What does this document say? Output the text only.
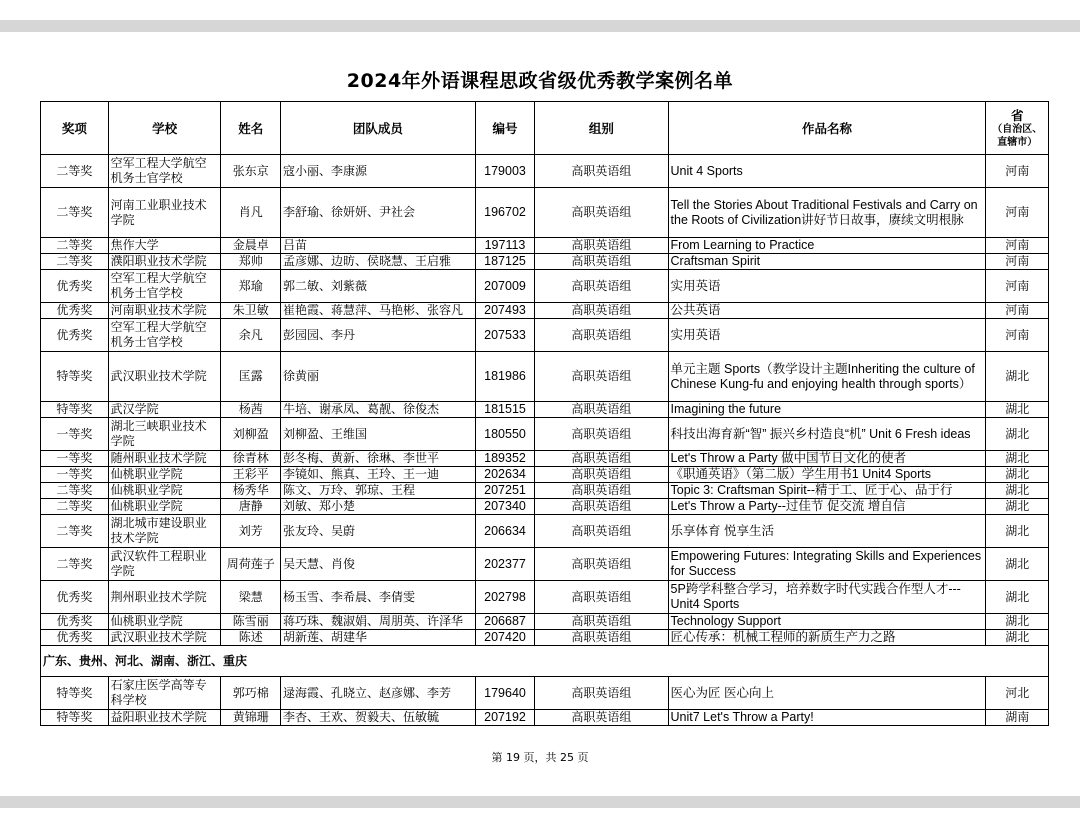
2024年外语课程思政省级优秀教学案例名单
奖项	学校	姓名	团队成员	编号	组别	作品名称	省
（自治区、直辖市）

二等奖	空军工程大学航空机务士官学校	张东京	寇小丽、李康源	179003	高职英语组	Unit 4 Sports	河南
二等奖	河南工业职业技术学院	肖凡	李舒瑜、徐妍妍、尹社会	196702	高职英语组	Tell the Stories About Traditional Festivals and Carry on the Roots of Civilization讲好节日故事，赓续文明根脉	河南
二等奖	焦作大学	金晨卓	吕苗	197113	高职英语组	From Learning to Practice	河南
二等奖	濮阳职业技术学院	郑帅	孟彦娜、边昉、侯晓慧、王启雅	187125	高职英语组	Craftsman Spirit	河南
优秀奖	空军工程大学航空机务士官学校	郑瑜	郭二敏、刘紫薇	207009	高职英语组	实用英语	河南
优秀奖	河南职业技术学院	朱卫敏	崔艳霞、蒋慧萍、马艳彬、张容凡	207493	高职英语组	公共英语	河南
优秀奖	空军工程大学航空机务士官学校	余凡	彭园园、李丹	207533	高职英语组	实用英语	河南
特等奖	武汉职业技术学院	匡露	徐黄丽	181986	高职英语组	单元主题 Sports（教学设计主题Inheriting the culture of Chinese Kung-fu and enjoying health through sports）	湖北
特等奖	武汉学院	杨茜	牛培、谢承凤、葛靓、徐俊杰	181515	高职英语组	Imagining the future	湖北
一等奖	湖北三峡职业技术学院	刘柳盈	刘柳盈、王维国	180550	高职英语组	科技出海育新“智” 振兴乡村造良“机” Unit 6 Fresh ideas	湖北
一等奖	随州职业技术学院	徐青林	彭冬梅、黄新、徐琳、李世平	189352	高职英语组	Let's Throw a Party 做中国节日文化的使者	湖北
一等奖	仙桃职业学院	王彩平	李镜如、熊真、王玲、王一迪	202634	高职英语组	《职通英语》（第二版）学生用书1 Unit4 Sports	湖北
二等奖	仙桃职业学院	杨秀华	陈文、万玲、郭琼、王程	207251	高职英语组	Topic 3: Craftsman Spirit--精于工、匠于心、品于行	湖北
二等奖	仙桃职业学院	唐静	刘敏、郑小楚	207340	高职英语组	Let's Throw a Party--过佳节 促交流 增自信	湖北
二等奖	湖北城市建设职业技术学院	刘芳	张友玲、吴蔚	206634	高职英语组	乐享体育 悦享生活	湖北
二等奖	武汉软件工程职业学院	周荷莲子	吴天慧、肖俊	202377	高职英语组	Empowering Futures: Integrating Skills and Experiences for Success	湖北
优秀奖	荆州职业技术学院	梁慧	杨玉雪、李希晨、李倩雯	202798	高职英语组	5P跨学科整合学习，培养数字时代实践合作型人才---Unit4 Sports	湖北
优秀奖	仙桃职业学院	陈雪丽	蒋巧珠、魏淑娟、周朋英、许泽华	206687	高职英语组	Technology Support	湖北
优秀奖	武汉职业技术学院	陈述	胡新莲、胡建华	207420	高职英语组	匠心传承：机械工程师的新质生产力之路	湖北
广东、贵州、河北、湖南、浙江、重庆							
特等奖	石家庄医学高等专科学校	郭巧棉	逯海霞、孔晓立、赵彦娜、李芳	179640	高职英语组	医心为匠 医心向上	河北
特等奖	益阳职业技术学院	黄锦珊	李杏、王欢、贺毅夫、伍敏毓	207192	高职英语组	Unit7 Let's Throw a Party!	湖南
第 19 页，共 25 页
